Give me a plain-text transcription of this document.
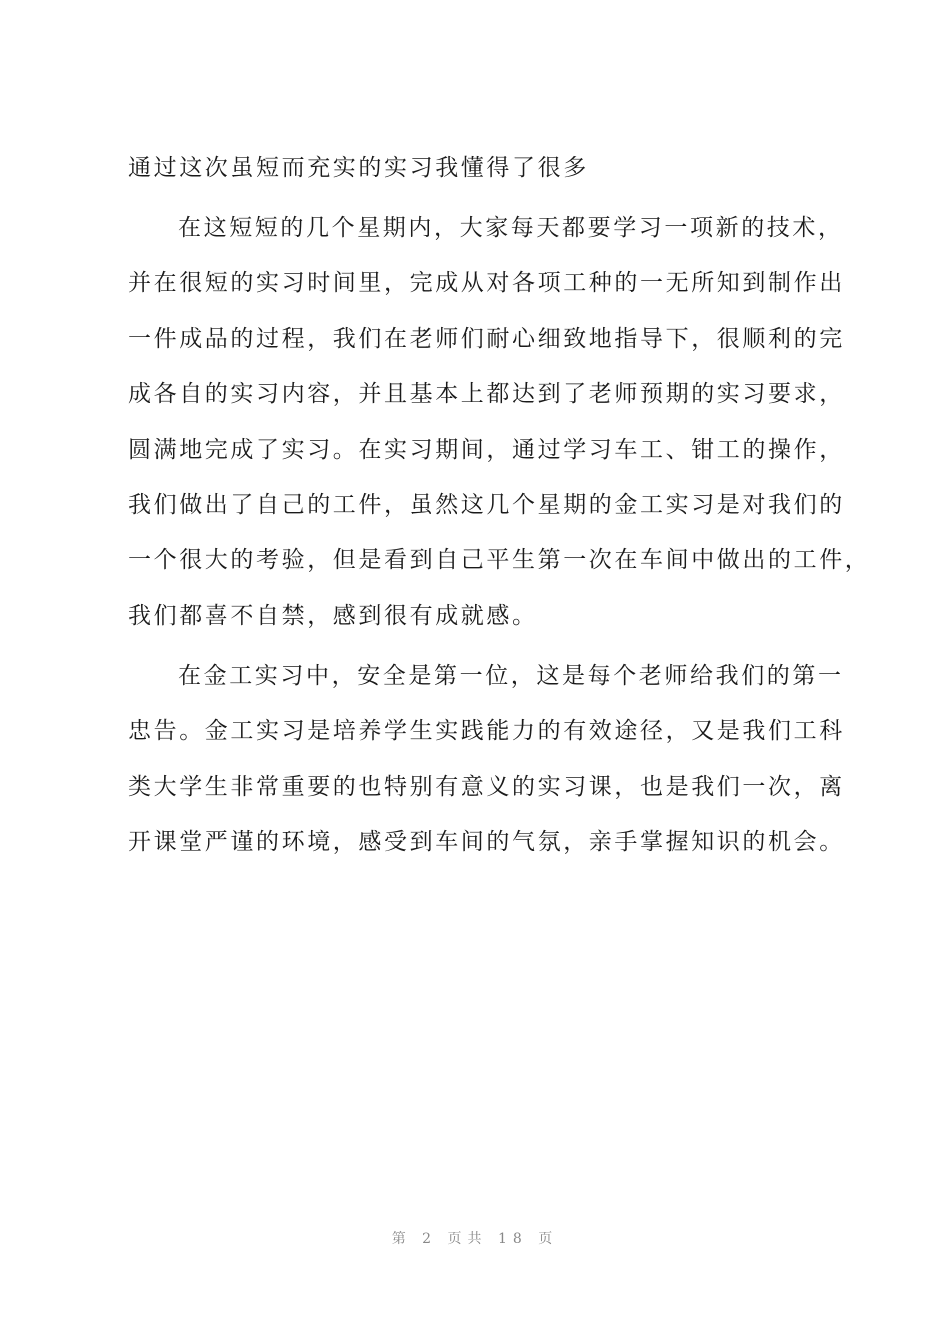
通过这次虽短而充实的实习我懂得了很多
在这短短的几个星期内，大家每天都要学习一项新的技术，
并在很短的实习时间里，完成从对各项工种的一无所知到制作出
一件成品的过程，我们在老师们耐心细致地指导下，很顺利的完
成各自的实习内容，并且基本上都达到了老师预期的实习要求，
圆满地完成了实习。在实习期间，通过学习车工、钳工的操作，
我们做出了自己的工件，虽然这几个星期的金工实习是对我们的
一个很大的考验，但是看到自己平生第一次在车间中做出的工件，
我们都喜不自禁，感到很有成就感。
在金工实习中，安全是第一位，这是每个老师给我们的第一
忠告。金工实习是培养学生实践能力的有效途径，又是我们工科
类大学生非常重要的也特别有意义的实习课，也是我们一次，离
开课堂严谨的环境，感受到车间的气氛，亲手掌握知识的机会。
第 2 页共 18 页
